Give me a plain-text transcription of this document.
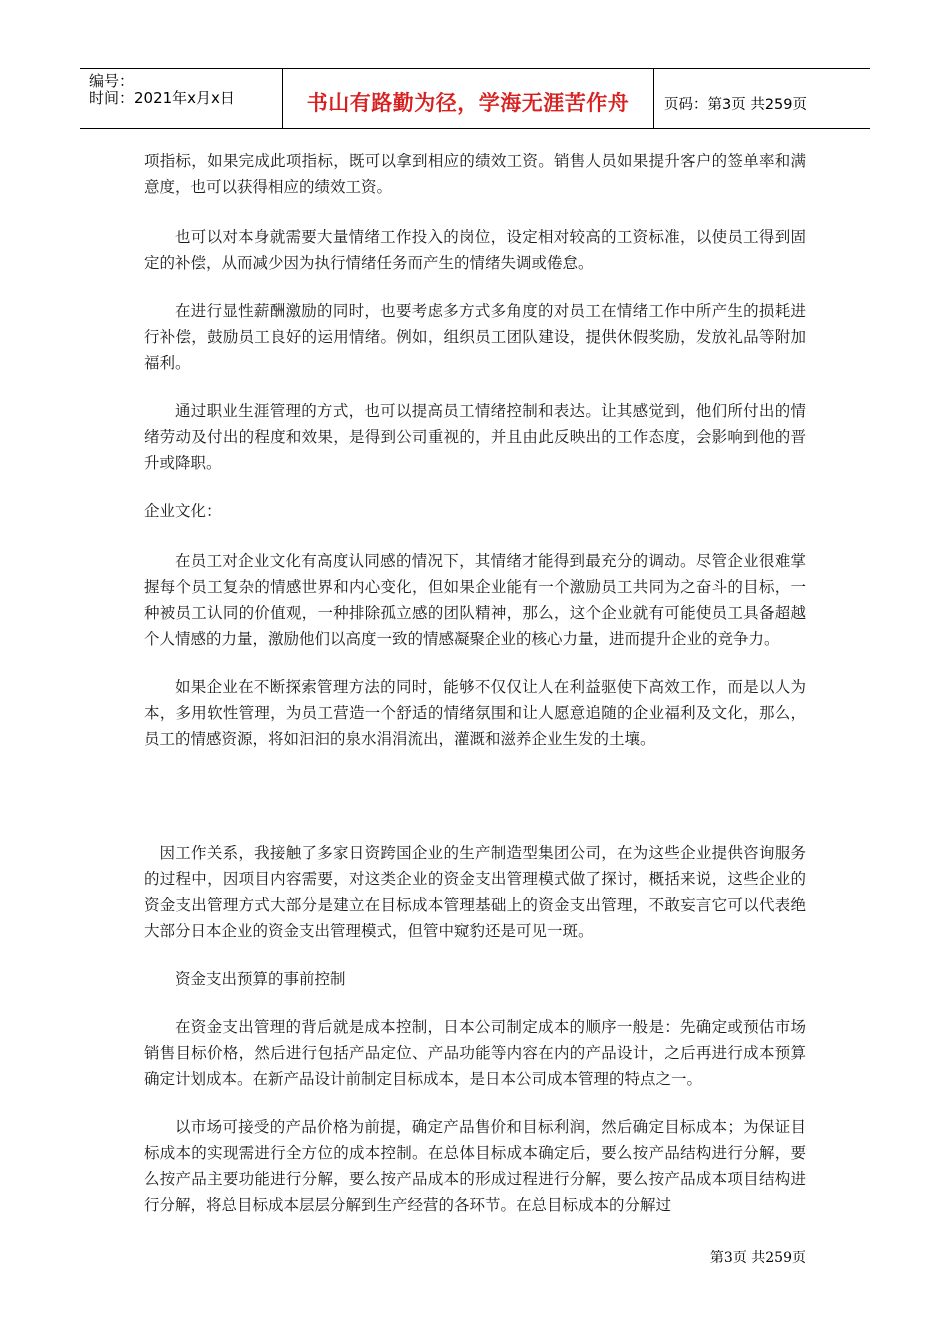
编号：
时间：2021年x月x日	书山有路勤为径，学海无涯苦作舟 页码：第3页 共259页

项指标，如果完成此项指标，既可以拿到相应的绩效工资。销售人员如果提升客户的签单率和满意度，也可以获得相应的绩效工资。

也可以对本身就需要大量情绪工作投入的岗位，设定相对较高的工资标准，以使员工得到固定的补偿，从而减少因为执行情绪任务而产生的情绪失调或倦怠。

在进行显性薪酬激励的同时，也要考虑多方式多角度的对员工在情绪工作中所产生的损耗进行补偿，鼓励员工良好的运用情绪。例如，组织员工团队建设，提供休假奖励，发放礼品等附加福利。

通过职业生涯管理的方式，也可以提高员工情绪控制和表达。让其感觉到，他们所付出的情绪劳动及付出的程度和效果，是得到公司重视的，并且由此反映出的工作态度，会影响到他的晋升或降职。

企业文化：

在员工对企业文化有高度认同感的情况下，其情绪才能得到最充分的调动。尽管企业很难掌握每个员工复杂的情感世界和内心变化，但如果企业能有一个激励员工共同为之奋斗的目标，一种被员工认同的价值观，一种排除孤立感的团队精神，那么，这个企业就有可能使员工具备超越个人情感的力量，激励他们以高度一致的情感凝聚企业的核心力量，进而提升企业的竞争力。

如果企业在不断探索管理方法的同时，能够不仅仅让人在利益驱使下高效工作，而是以人为本，多用软性管理，为员工营造一个舒适的情绪氛围和让人愿意追随的企业福利及文化，那么，员工的情感资源，将如汩汩的泉水涓涓流出，灌溉和滋养企业生发的土壤。

因工作关系，我接触了多家日资跨国企业的生产制造型集团公司，在为这些企业提供咨询服务的过程中，因项目内容需要，对这类企业的资金支出管理模式做了探讨，概括来说，这些企业的资金支出管理方式大部分是建立在目标成本管理基础上的资金支出管理，不敢妄言它可以代表绝大部分日本企业的资金支出管理模式，但管中窥豹还是可见一斑。

资金支出预算的事前控制

在资金支出管理的背后就是成本控制，日本公司制定成本的顺序一般是：先确定或预估市场销售目标价格，然后进行包括产品定位、产品功能等内容在内的产品设计，之后再进行成本预算确定计划成本。在新产品设计前制定目标成本，是日本公司成本管理的特点之一。

以市场可接受的产品价格为前提，确定产品售价和目标利润，然后确定目标成本；为保证目标成本的实现需进行全方位的成本控制。在总体目标成本确定后，要么按产品结构进行分解，要么按产品主要功能进行分解，要么按产品成本的形成过程进行分解，要么按产品成本项目结构进行分解，将总目标成本层层分解到生产经营的各环节。在总目标成本的分解过

第3页 共259页
